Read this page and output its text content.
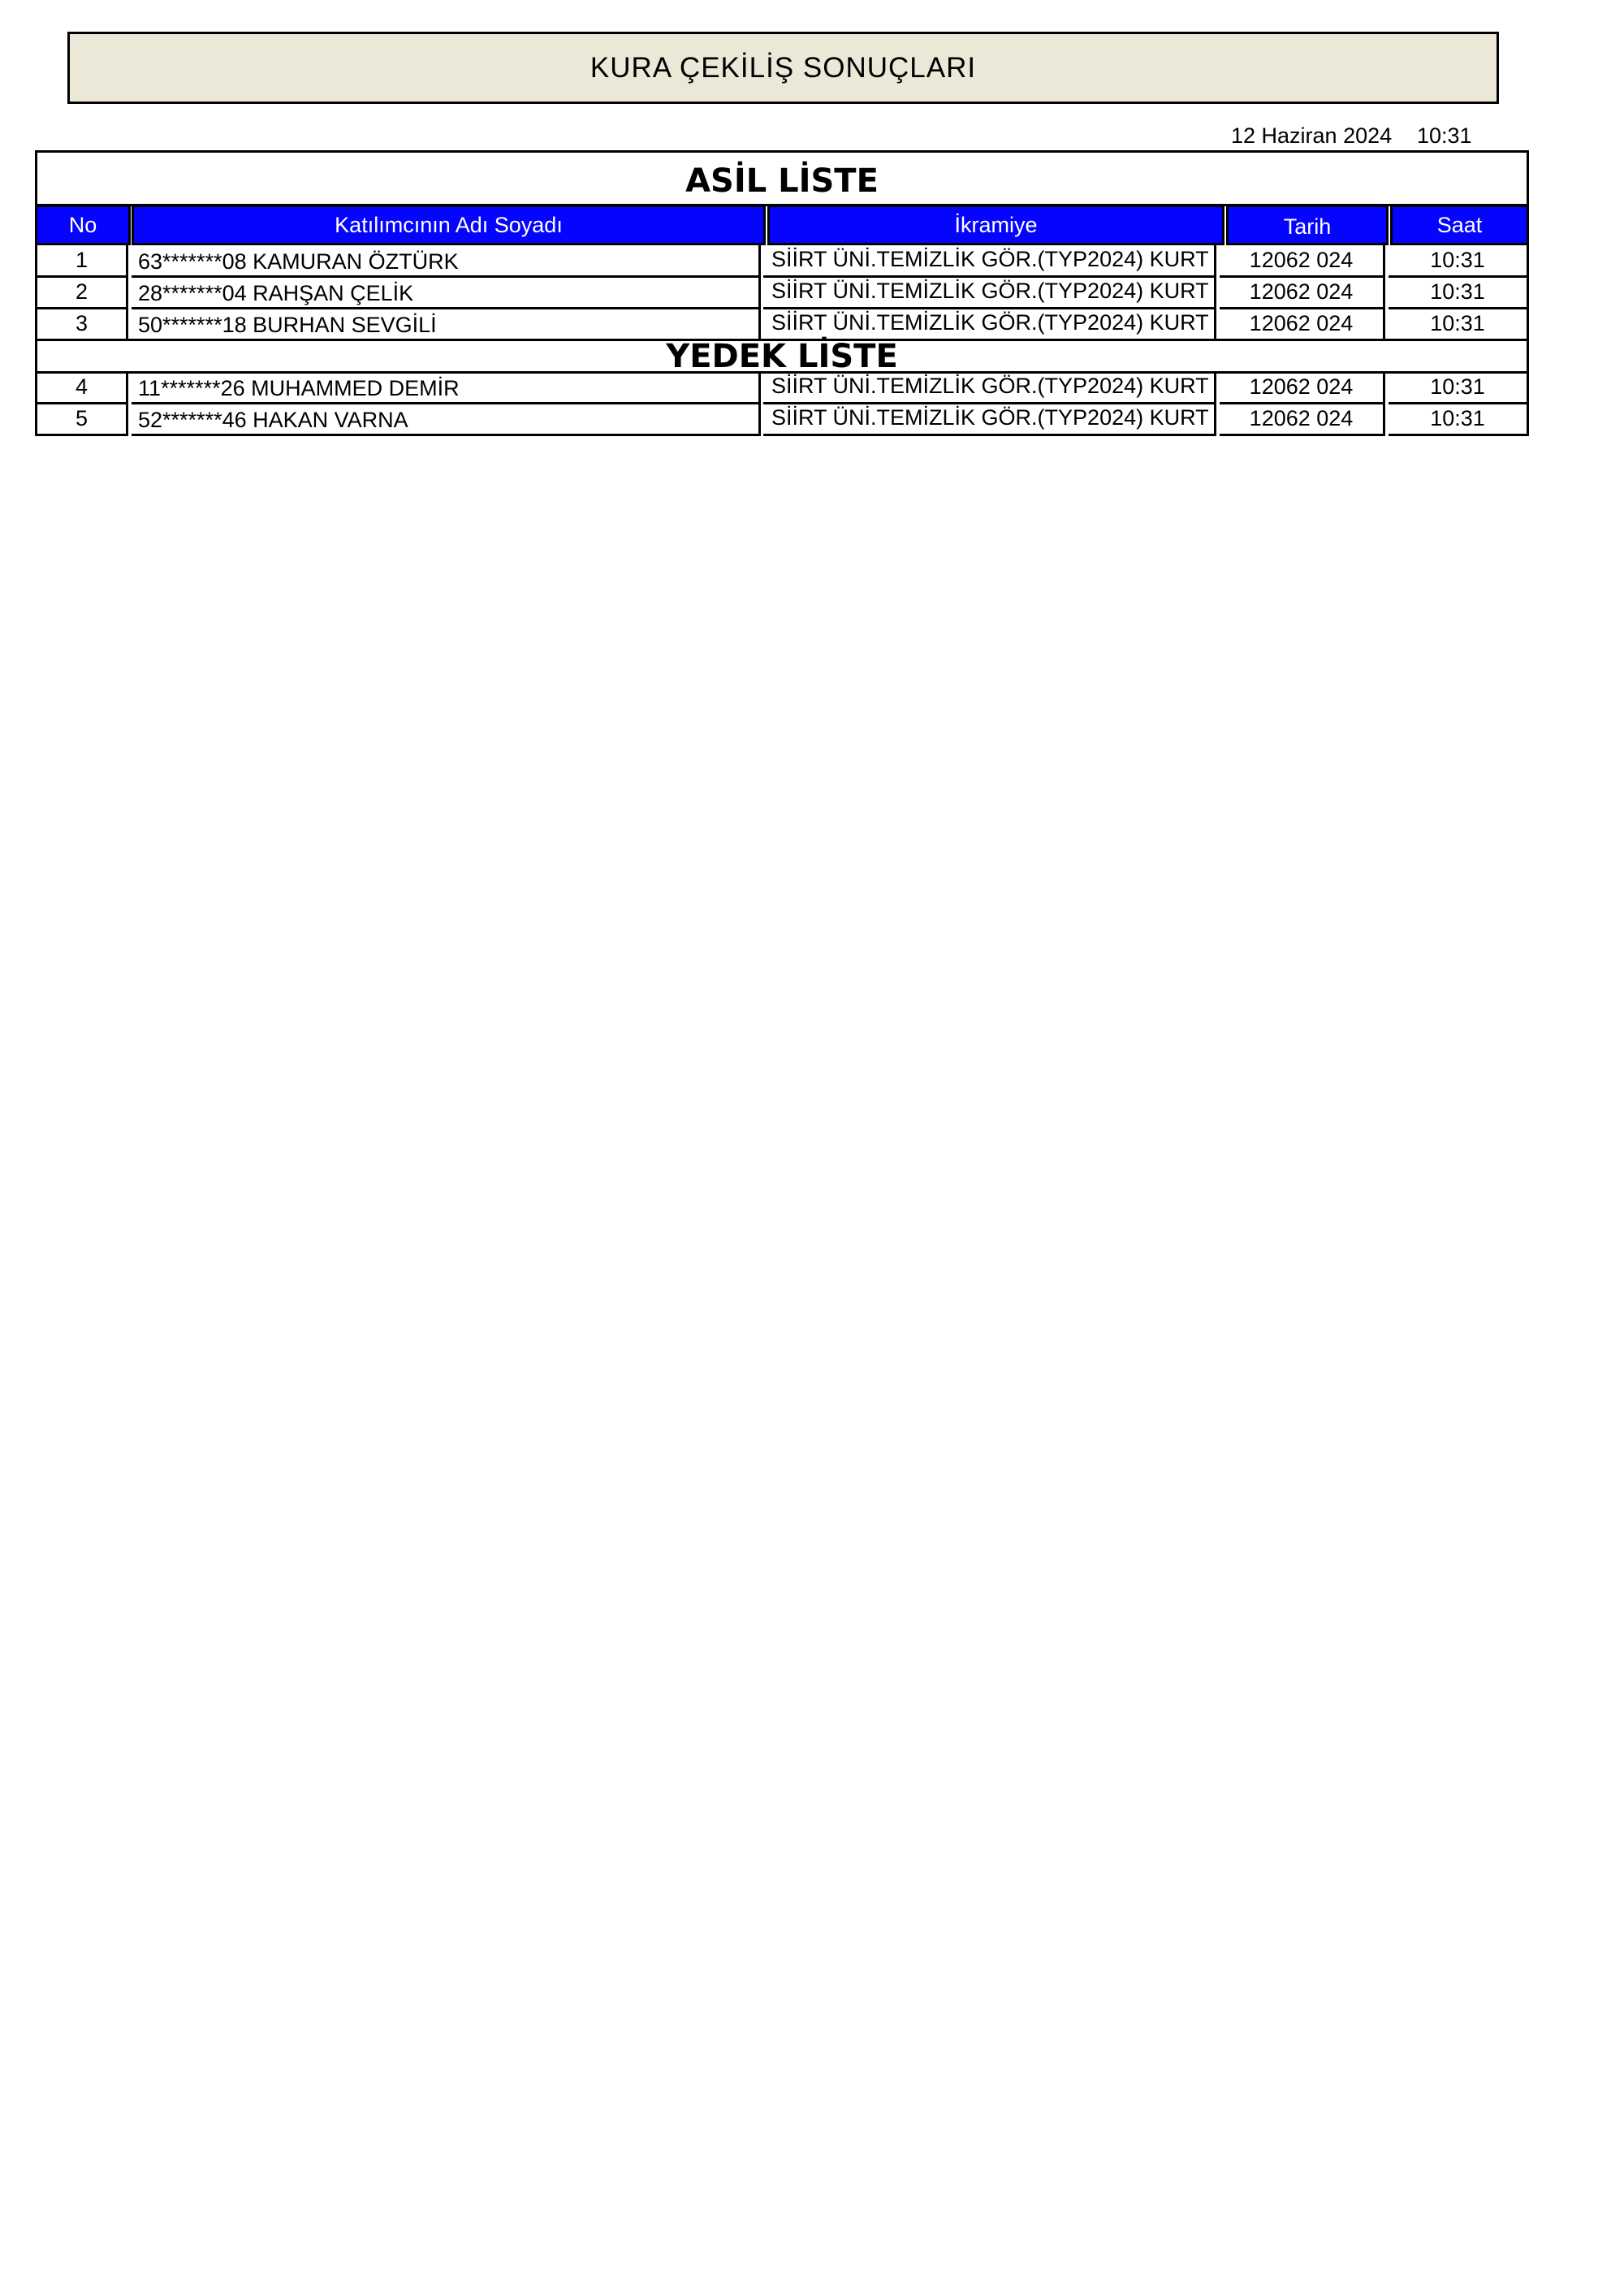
KURA ÇEKİLİŞ SONUÇLARI
12 Haziran 2024 10:31
ASİL LİSTE
No	Katılımcının Adı Soyadı	İkramiye	Tarih	Saat
1	63*******08 KAMURAN ÖZTÜRK	SİİRT ÜNİ.TEMİZLİK GÖR.(TYP2024) KURT	12062 024	10:31
2	28*******04 RAHŞAN ÇELİK	SİİRT ÜNİ.TEMİZLİK GÖR.(TYP2024) KURT	12062 024	10:31
3	50*******18 BURHAN SEVGİLİ	SİİRT ÜNİ.TEMİZLİK GÖR.(TYP2024) KURT	12062 024	10:31
YEDEK LİSTE
4	11*******26 MUHAMMED DEMİR	SİİRT ÜNİ.TEMİZLİK GÖR.(TYP2024) KURT	12062 024	10:31
5	52*******46 HAKAN VARNA	SİİRT ÜNİ.TEMİZLİK GÖR.(TYP2024) KURT	12062 024	10:31
